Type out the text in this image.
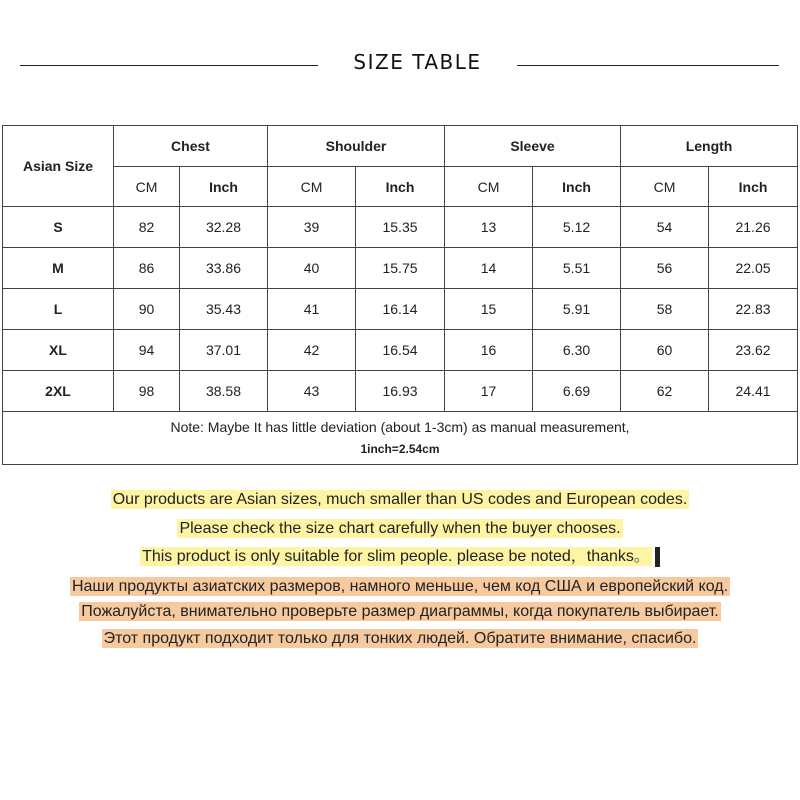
SIZE TABLE
Asian Size	Chest		Shoulder		Sleeve		Length	
	CM	Inch	CM	Inch	CM	Inch	CM	Inch
S	82	32.28	39	15.35	13	5.12	54	21.26
M	86	33.86	40	15.75	14	5.51	56	22.05
L	90	35.43	41	16.14	15	5.91	58	22.83
XL	94	37.01	42	16.54	16	6.30	60	23.62
2XL	98	38.58	43	16.93	17	6.69	62	24.41

Note: Maybe It has little deviation (about 1-3cm) as manual measurement,
1inch=2.54cm								
Our products are Asian sizes, much smaller than US codes and European codes.
Please check the size chart carefully when the buyer chooses.
This product is only suitable for slim people. please be noted，thanks。
Наши продукты азиатских размеров, намного меньше, чем код США и европейский код.
Пожалуйста, внимательно проверьте размер диаграммы, когда покупатель выбирает.
Этот продукт подходит только для тонких людей. Обратите внимание, спасибо.
